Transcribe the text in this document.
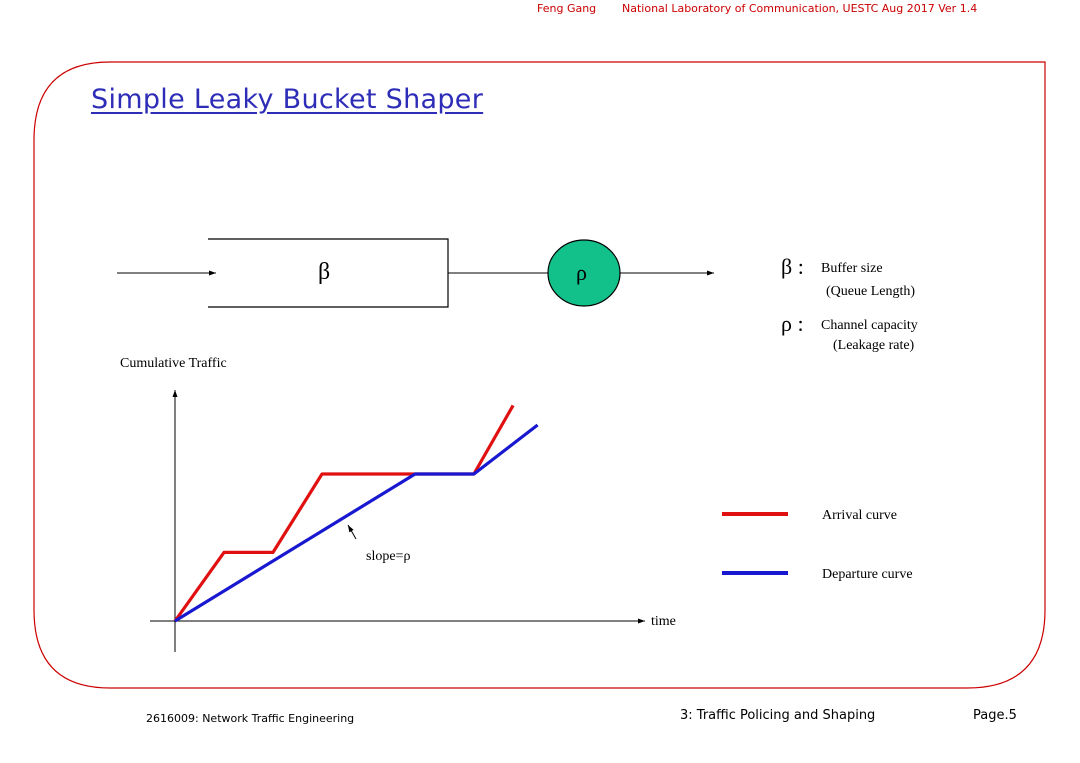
Feng Gang National Laboratory of Communication, UESTC Aug 2017 Ver 1.4
Simple Leaky Bucket Shaper
β	ρ	β : Buffer size
(Queue Length)
ρ : Channel capacity
(Leakage rate)
Cumulative Traffic
time
Arrival curve
Departure curve
slope=ρ
2616009: Network Traffic Engineering	3: Traffic Policing and Shaping	Page.5
